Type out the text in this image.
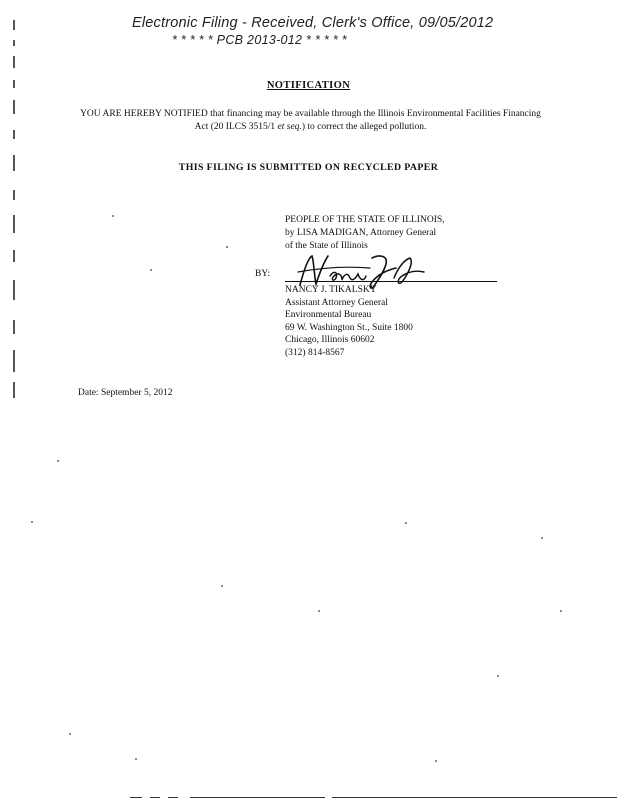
Electronic Filing - Received, Clerk's Office, 09/05/2012
* * * * * PCB 2013-012 * * * * *
NOTIFICATION
YOU ARE HEREBY NOTIFIED that financing may be available through the Illinois Environmental Facilities Financing Act (20 ILCS 3515/1 et seq.) to correct the alleged pollution.
THIS FILING IS SUBMITTED ON RECYCLED PAPER
PEOPLE OF THE STATE OF ILLINOIS,
by LISA MADIGAN, Attorney General
of the State of Illinois
BY:
NANCY J. TIKALSKY
Assistant Attorney General
Environmental Bureau
69 W. Washington St., Suite 1800
Chicago, Illinois 60602
(312) 814-8567
Date: September 5, 2012
